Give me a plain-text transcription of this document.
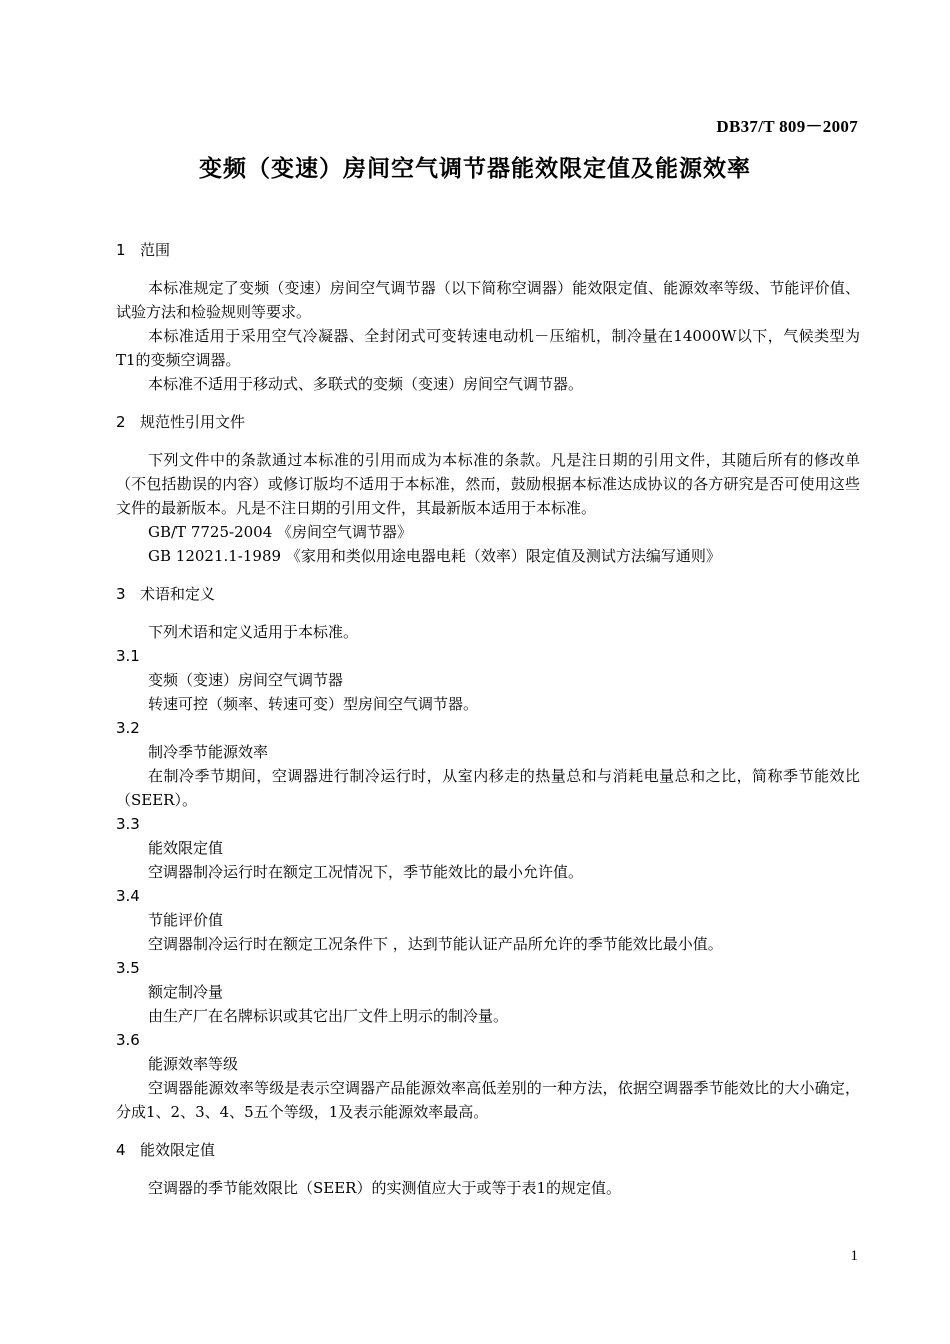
DB37/T 809－2007
变频（变速）房间空气调节器能效限定值及能源效率
1 范围

本标准规定了变频（变速）房间空气调节器（以下简称空调器）能效限定值、能源效率等级、节能评价值、试验方法和检验规则等要求。

本标准适用于采用空气冷凝器、全封闭式可变转速电动机－压缩机，制冷量在14000W以下，气候类型为T1的变频空调器。

本标准不适用于移动式、多联式的变频（变速）房间空气调节器。

2 规范性引用文件

下列文件中的条款通过本标准的引用而成为本标准的条款。凡是注日期的引用文件，其随后所有的修改单（不包括勘误的内容）或修订版均不适用于本标准，然而，鼓励根据本标准达成协议的各方研究是否可使用这些文件的最新版本。凡是不注日期的引用文件，其最新版本适用于本标准。

GB/T 7725-2004 《房间空气调节器》

GB 12021.1-1989 《家用和类似用途电器电耗（效率）限定值及测试方法编写通则》

3 术语和定义

下列术语和定义适用于本标准。

3.1

变频（变速）房间空气调节器

转速可控（频率、转速可变）型房间空气调节器。

3.2

制冷季节能源效率

在制冷季节期间，空调器进行制冷运行时，从室内移走的热量总和与消耗电量总和之比，简称季节能效比（SEER）。

3.3

能效限定值

空调器制冷运行时在额定工况情况下，季节能效比的最小允许值。

3.4

节能评价值

空调器制冷运行时在额定工况条件下 ，达到节能认证产品所允许的季节能效比最小值。

3.5

额定制冷量

由生产厂在名牌标识或其它出厂文件上明示的制冷量。

3.6

能源效率等级

空调器能源效率等级是表示空调器产品能源效率高低差别的一种方法，依据空调器季节能效比的大小确定，分成1、2、3、4、5五个等级，1及表示能源效率最高。

4 能效限定值

空调器的季节能效限比（SEER）的实测值应大于或等于表1的规定值。

1
